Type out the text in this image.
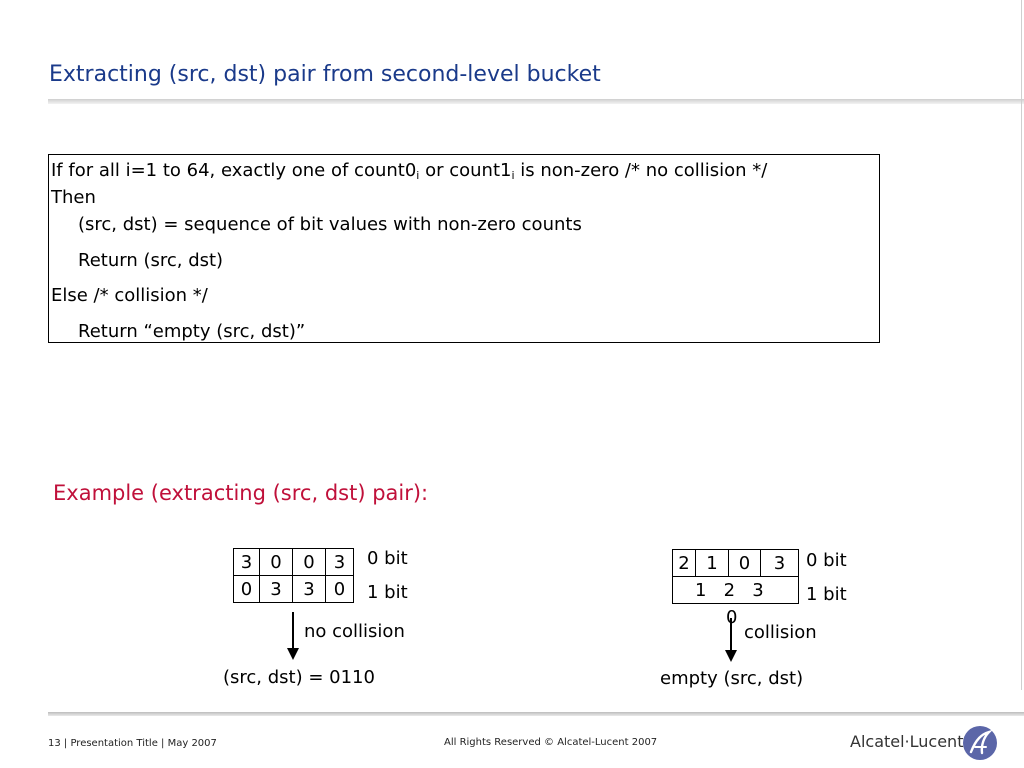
Extracting (src, dst) pair from second-level bucket
If for all i=1 to 64, exactly one of $count0_i$ or $count1_i$ is non-zero /* no collision */
Then
(src, dst) = sequence of bit values with non-zero counts
Return (src, dst)
Else /* collision */
Return “empty (src, dst)”
Example (extracting (src, dst) pair):
3	0	0	3
0	3	3	0
0 bit
1 bit
no collision
(src, dst) = 0110
2	1	0	3
1   2   3
0
0 bit
1 bit
collision
empty (src, dst)
13 | Presentation Title | May 2007	All Rights Reserved © Alcatel-Lucent 2007	Alcatel·Lucent
